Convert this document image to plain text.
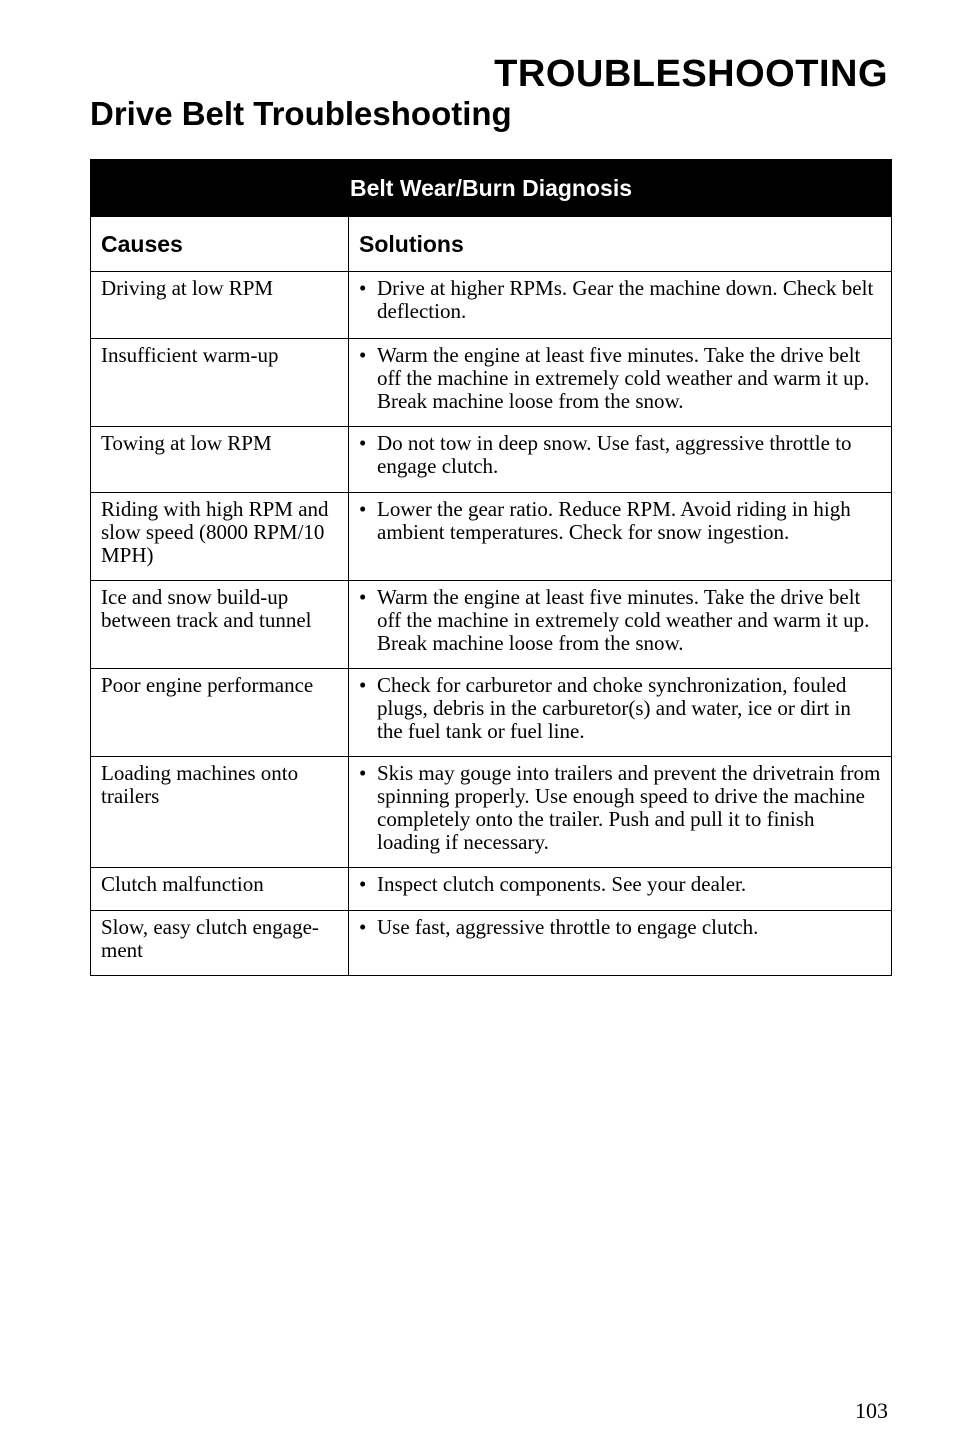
TROUBLESHOOTING
Drive Belt Troubleshooting
Belt Wear/Burn Diagnosis	
Causes	Solutions
Driving at low RPM	• Drive at higher RPMs. Gear the machine down. Check belt deflection.

Insufficient warm-up	• Warm the engine at least five minutes. Take the drive belt off the machine in extremely cold weather and warm it up. Break machine loose from the snow.

Towing at low RPM	• Do not tow in deep snow. Use fast, aggressive throttle to engage clutch.

Riding with high RPM and slow speed (8000 RPM/10 MPH)	• Lower the gear ratio. Reduce RPM. Avoid riding in high ambient temperatures. Check for snow ingestion.

Ice and snow build-up between track and tunnel	• Warm the engine at least five minutes. Take the drive belt off the machine in extremely cold weather and warm it up. Break machine loose from the snow.

Poor engine performance	• Check for carburetor and choke synchronization, fouled plugs, debris in the carburetor(s) and water, ice or dirt in the fuel tank or fuel line.

Loading machines onto trailers	• Skis may gouge into trailers and prevent the drivetrain from spinning properly. Use enough speed to drive the machine completely onto the trailer. Push and pull it to finish loading if necessary.

Clutch malfunction	• Inspect clutch components. See your dealer.

Slow, easy clutch engage-ment	• Use fast, aggressive throttle to engage clutch.
103
